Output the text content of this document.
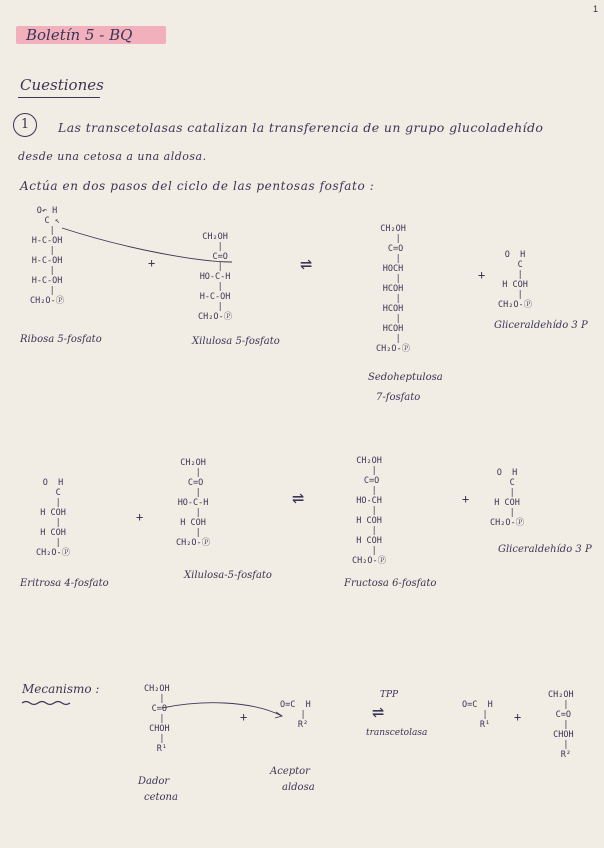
1
Boletín 5 - BQ
Cuestiones
1	Las transcetolasas catalizan la transferencia de un grupo glucoladehído
desde una cetosa a una aldosa.
Actúa en dos pasos del ciclo de las pentosas fosfato :
O↶ H
C ↖
|
H-C-OH
|
H-C-OH
|
H-C-OH
|
CH₂O-Ⓟ
Ribosa 5-fosfato
+
CH₂OH
|
C=O
|
HO-C-H
|
H-C-OH
|
CH₂O-Ⓟ
Xilulosa 5-fosfato
⇌
CH₂OH
|
C=O
|
HOCH
|
HCOH
|
HCOH
|
HCOH
|
CH₂O-Ⓟ
Sedoheptulosa
7-fosfato
+
O  H
C
|
H COH
|
CH₂O-Ⓟ
Gliceraldehído 3 P
O  H
C
|
H COH
|
H COH
|
CH₂O-Ⓟ
Eritrosa 4-fosfato
+
CH₂OH
|
C=O
|
HO-C-H
|
H COH
|
CH₂O-Ⓟ
Xilulosa-5-fosfato
⇌
CH₂OH
|
C=O
|
HO-CH
|
H COH
|
H COH
|
CH₂O-Ⓟ
Fructosa 6-fosfato
+
O  H
C
|
H COH
|
CH₂O-Ⓟ
Gliceraldehído 3 P
Mecanismo :	CH₂OH
|
C=O
|
CHOH
|
R¹
Dador
cetona
+
O=C  H
|
R²
Aceptor
aldosa
TPP
⇌
transcetolasa
O=C  H
|
R¹
+
CH₂OH
|
C=O
|
CHOH
|
R²
